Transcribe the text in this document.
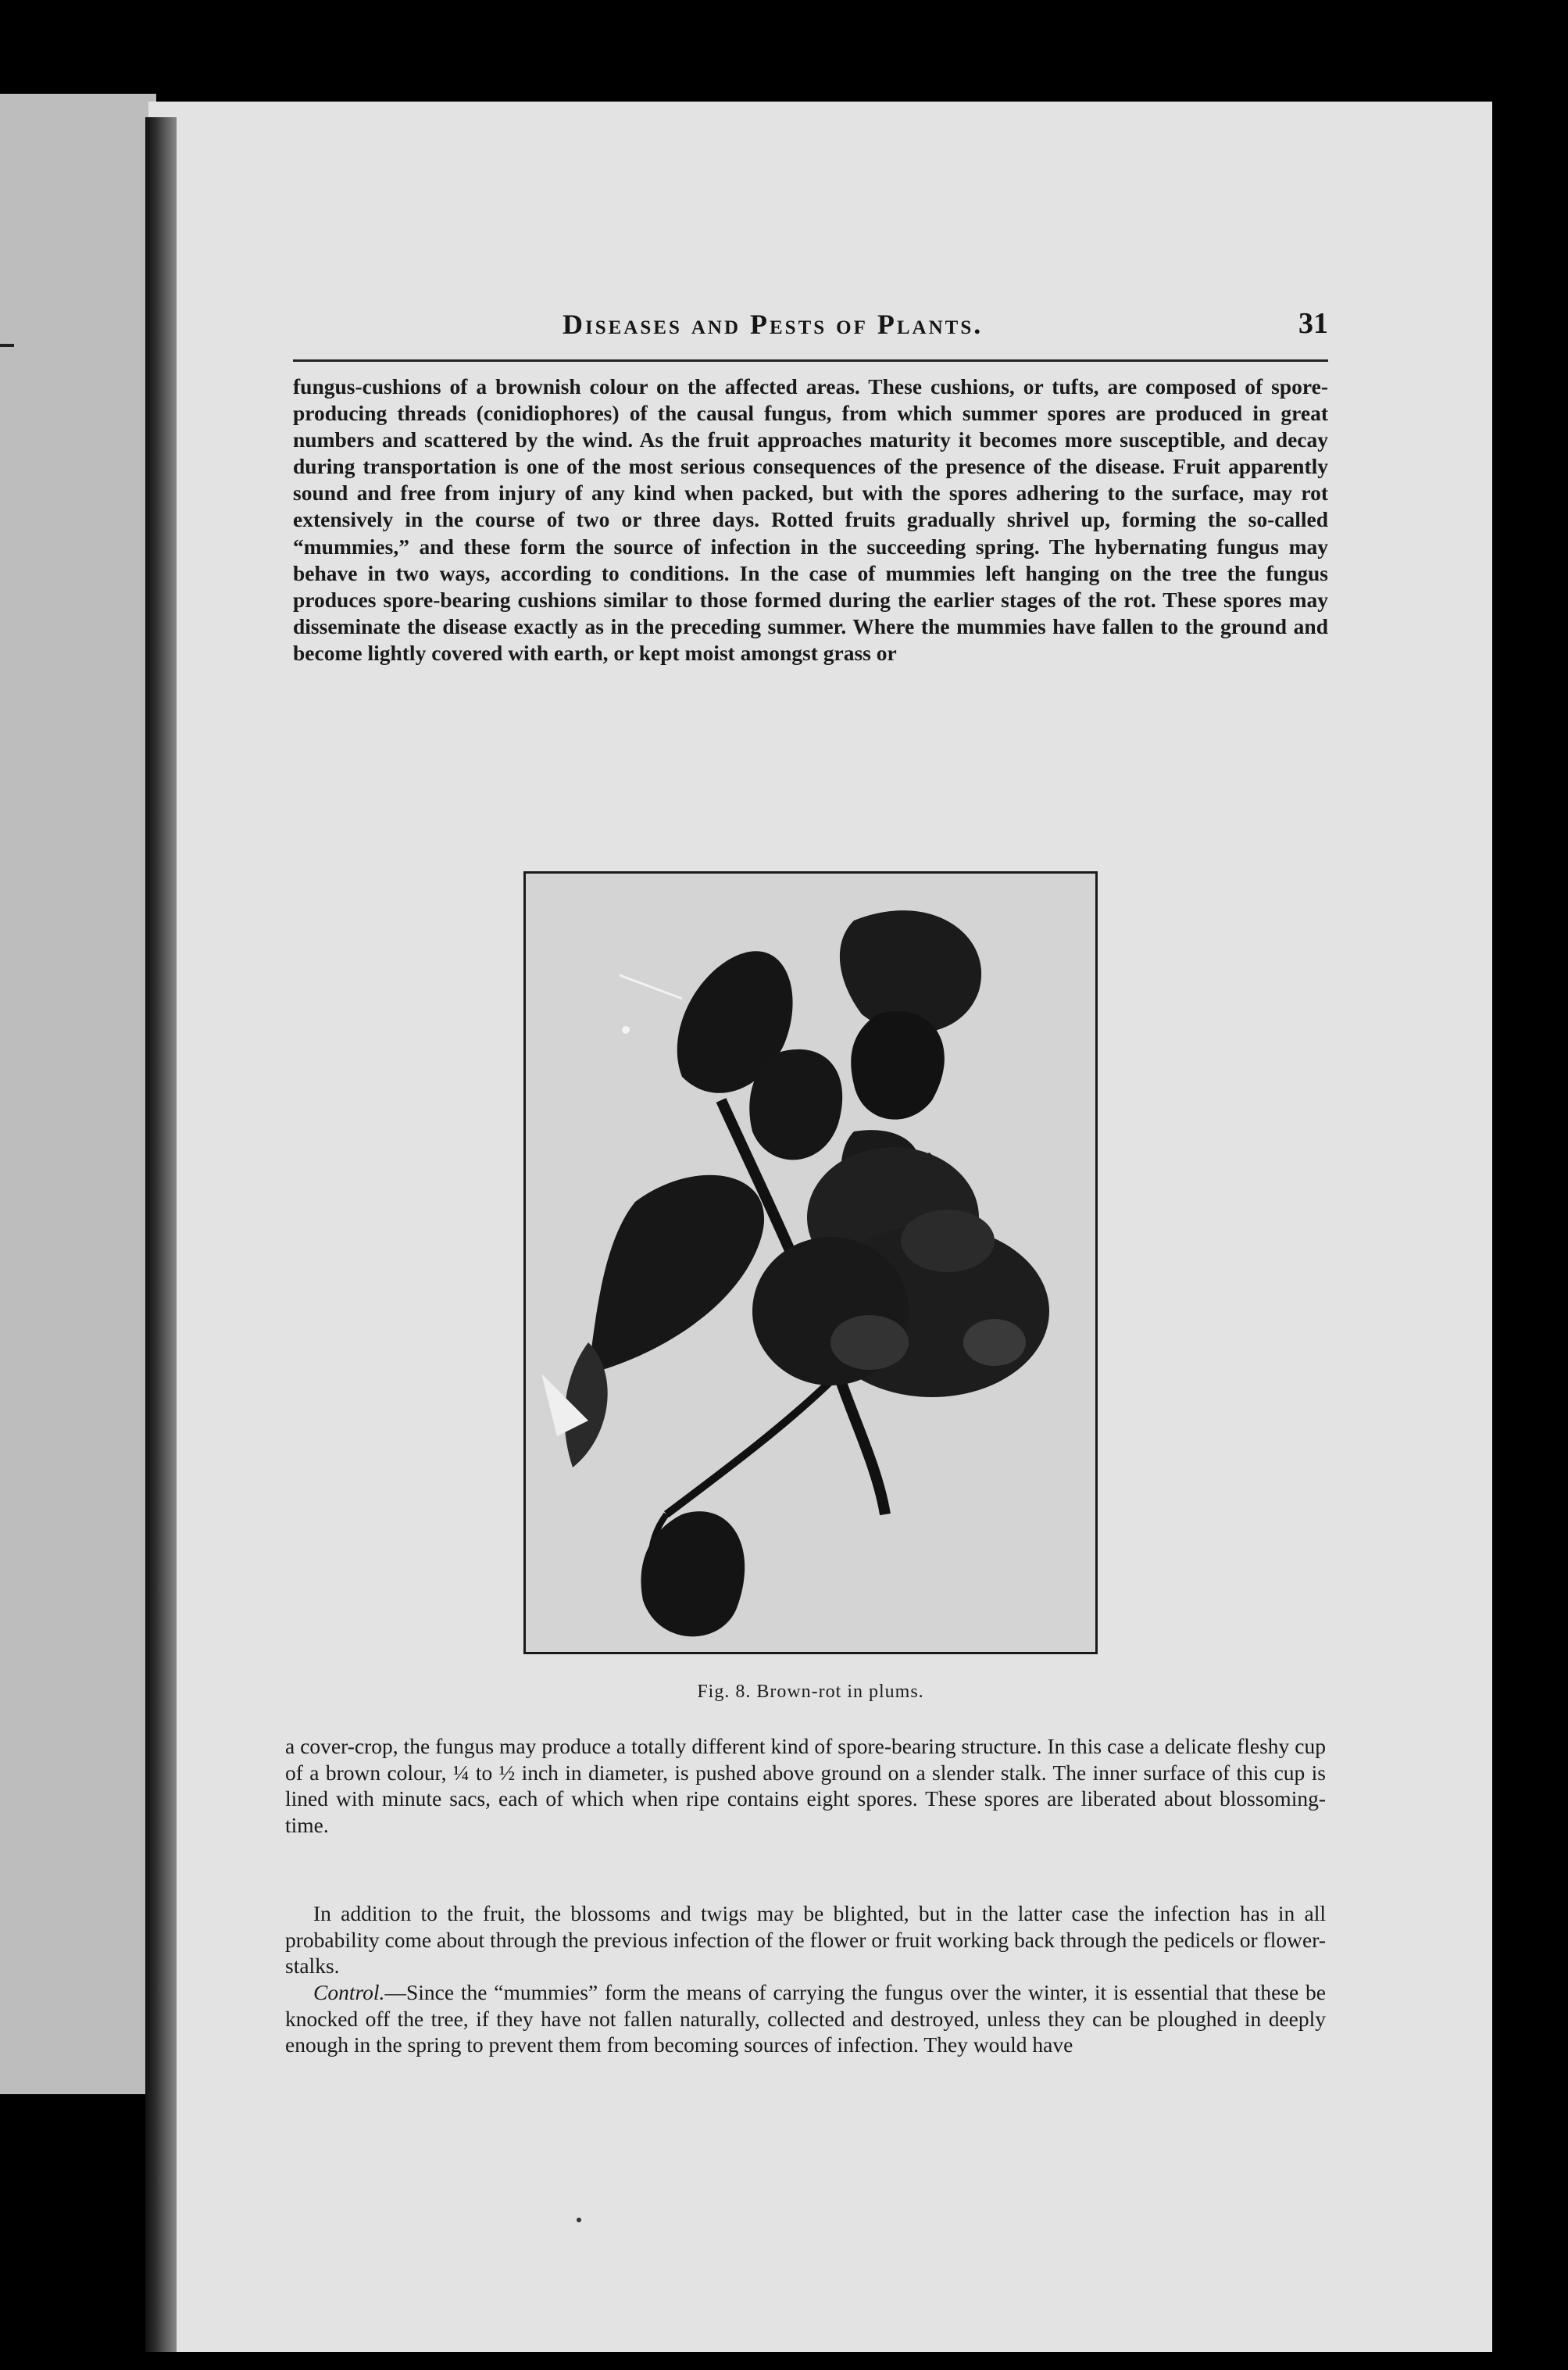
Diseases and Pests of Plants.	31
fungus-cushions of a brownish colour on the affected areas. These cushions, or tufts, are composed of spore-producing threads (conidiophores) of the causal fungus, from which summer spores are produced in great numbers and scattered by the wind. As the fruit approaches maturity it becomes more susceptible, and decay during transportation is one of the most serious consequences of the presence of the disease. Fruit apparently sound and free from injury of any kind when packed, but with the spores adhering to the surface, may rot extensively in the course of two or three days. Rotted fruits gradually shrivel up, forming the so-called “mummies,” and these form the source of infection in the succeeding spring. The hybernating fungus may behave in two ways, according to conditions. In the case of mummies left hanging on the tree the fungus produces spore-bearing cushions similar to those formed during the earlier stages of the rot. These spores may disseminate the disease exactly as in the preceding summer. Where the mummies have fallen to the ground and become lightly covered with earth, or kept moist amongst grass or
Fig. 8. Brown-rot in plums.
a cover-crop, the fungus may produce a totally different kind of spore-bearing structure. In this case a delicate fleshy cup of a brown colour, ¼ to ½ inch in diameter, is pushed above ground on a slender stalk. The inner surface of this cup is lined with minute sacs, each of which when ripe contains eight spores. These spores are liberated about blossoming-time.
In addition to the fruit, the blossoms and twigs may be blighted, but in the latter case the infection has in all probability come about through the previous infection of the flower or fruit working back through the pedicels or flower-stalks.
Control.—Since the “mummies” form the means of carrying the fungus over the winter, it is essential that these be knocked off the tree, if they have not fallen naturally, collected and destroyed, unless they can be ploughed in deeply enough in the spring to prevent them from becoming sources of infection. They would have
